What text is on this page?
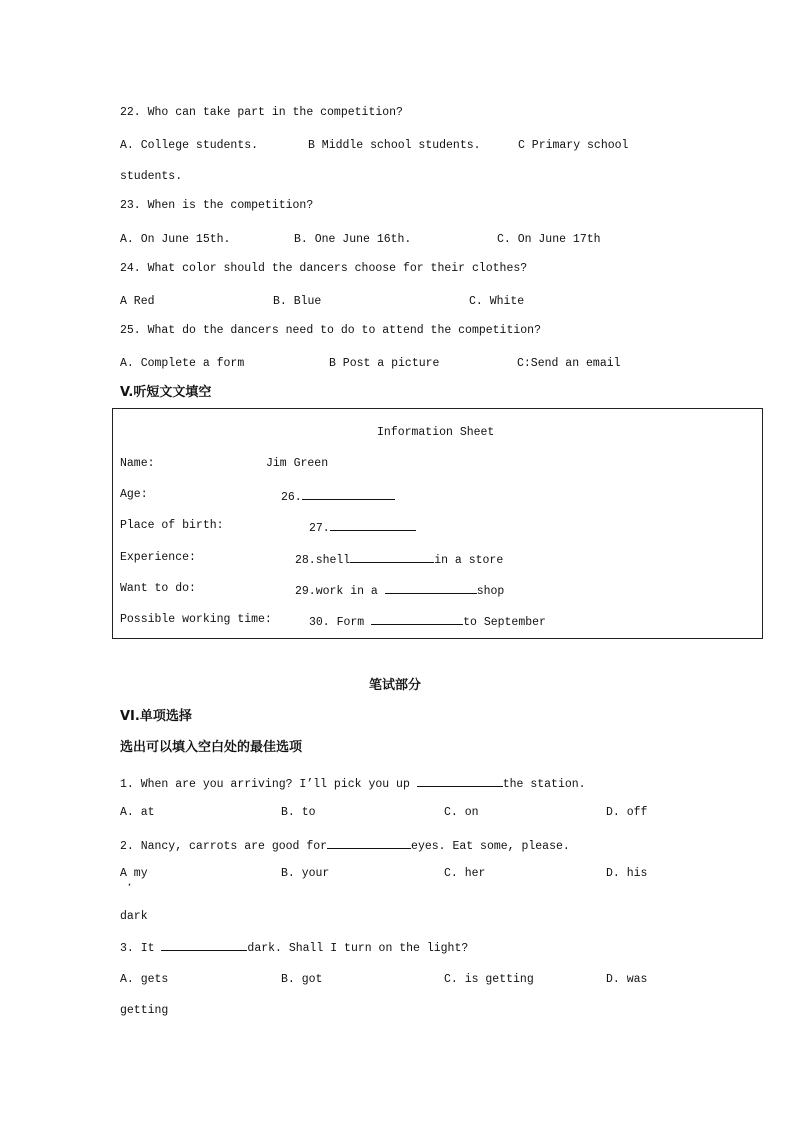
22. Who can take part in the competition?
A. College students.	B Middle school students.	C Primary school
students.
23. When is the competition?
A. On June 15th.	B. One June 16th.	C. On June 17th
24. What color should the dancers choose for their clothes?
A Red	B. Blue	C. White
25. What do the dancers need to do to attend the competition?
A. Complete a form	B Post a picture	C:Send an email
V.听短文文填空
Information Sheet
Name:	Jim Green
Age:	26.
Place of birth:	27.
Experience:	28.shell	in a store
Want to do:	29.work in a	shop
Possible working time:	30. Form	to September
笔试部分
VI.单项选择
选出可以填入空白处的最佳选项
1. When are you arriving? I’ll pick you up	the station.
A. at	B. to	C. on	D. off
2. Nancy, carrots are good for	eyes. Eat some, please.
A my
·
B. your	C. her	D. his
dark
3. It	dark. Shall I turn on the light?
A. gets	B. got	C. is getting	D. was
getting
